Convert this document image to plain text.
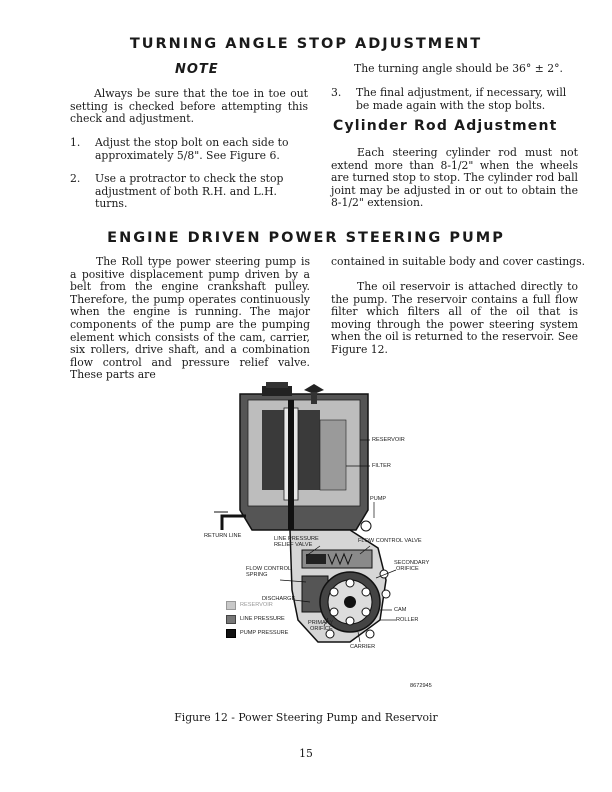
TURNING ANGLE STOP ADJUSTMENT
NOTE
Always be sure that the toe in toe out setting is checked before attempting this check and adjustment.
1.	Adjust the stop bolt on each side to approximately 5/8". See Figure 6.
2.	Use a protractor to check the stop adjustment of both R.H. and L.H. turns.
The turning angle should be 36° ± 2°.
3.	The final adjustment, if necessary, will be made again with the stop bolts.
Cylinder Rod Adjustment
Each steering cylinder rod must not extend more than 8-1/2" when the wheels are turned stop to stop. The cylinder rod ball joint may be adjusted in or out to obtain the 8-1/2" extension.
ENGINE DRIVEN POWER STEERING PUMP
The Roll type power steering pump is a positive displacement pump driven by a belt from the engine crankshaft pulley. Therefore, the pump operates continuously when the engine is running. The major components of the pump are the pumping element which consists of the cam, carrier, six rollers, drive shaft, and a combination flow control and pressure relief valve. These parts are
contained in suitable body and cover castings.
The oil reservoir is attached directly to the pump. The reservoir contains a full flow filter which filters all of the oil that is moving through the power steering system when the oil is returned to the reservoir. See Figure 12.
RESERVOIR
FILTER
PUMP
RETURN LINE	LINE PRESSURE
RELIEF VALVE
FLOW CONTROL VALVE
SECONDARY
ORIFICE
FLOW CONTROL
SPRING
DISCHARGE
CAM
ROLLER
PRIMARY
ORIFICE
CARRIER
RESERVOIR
LINE PRESSURE
PUMP PRESSURE
8672945
Figure 12 - Power Steering Pump and Reservoir
15
